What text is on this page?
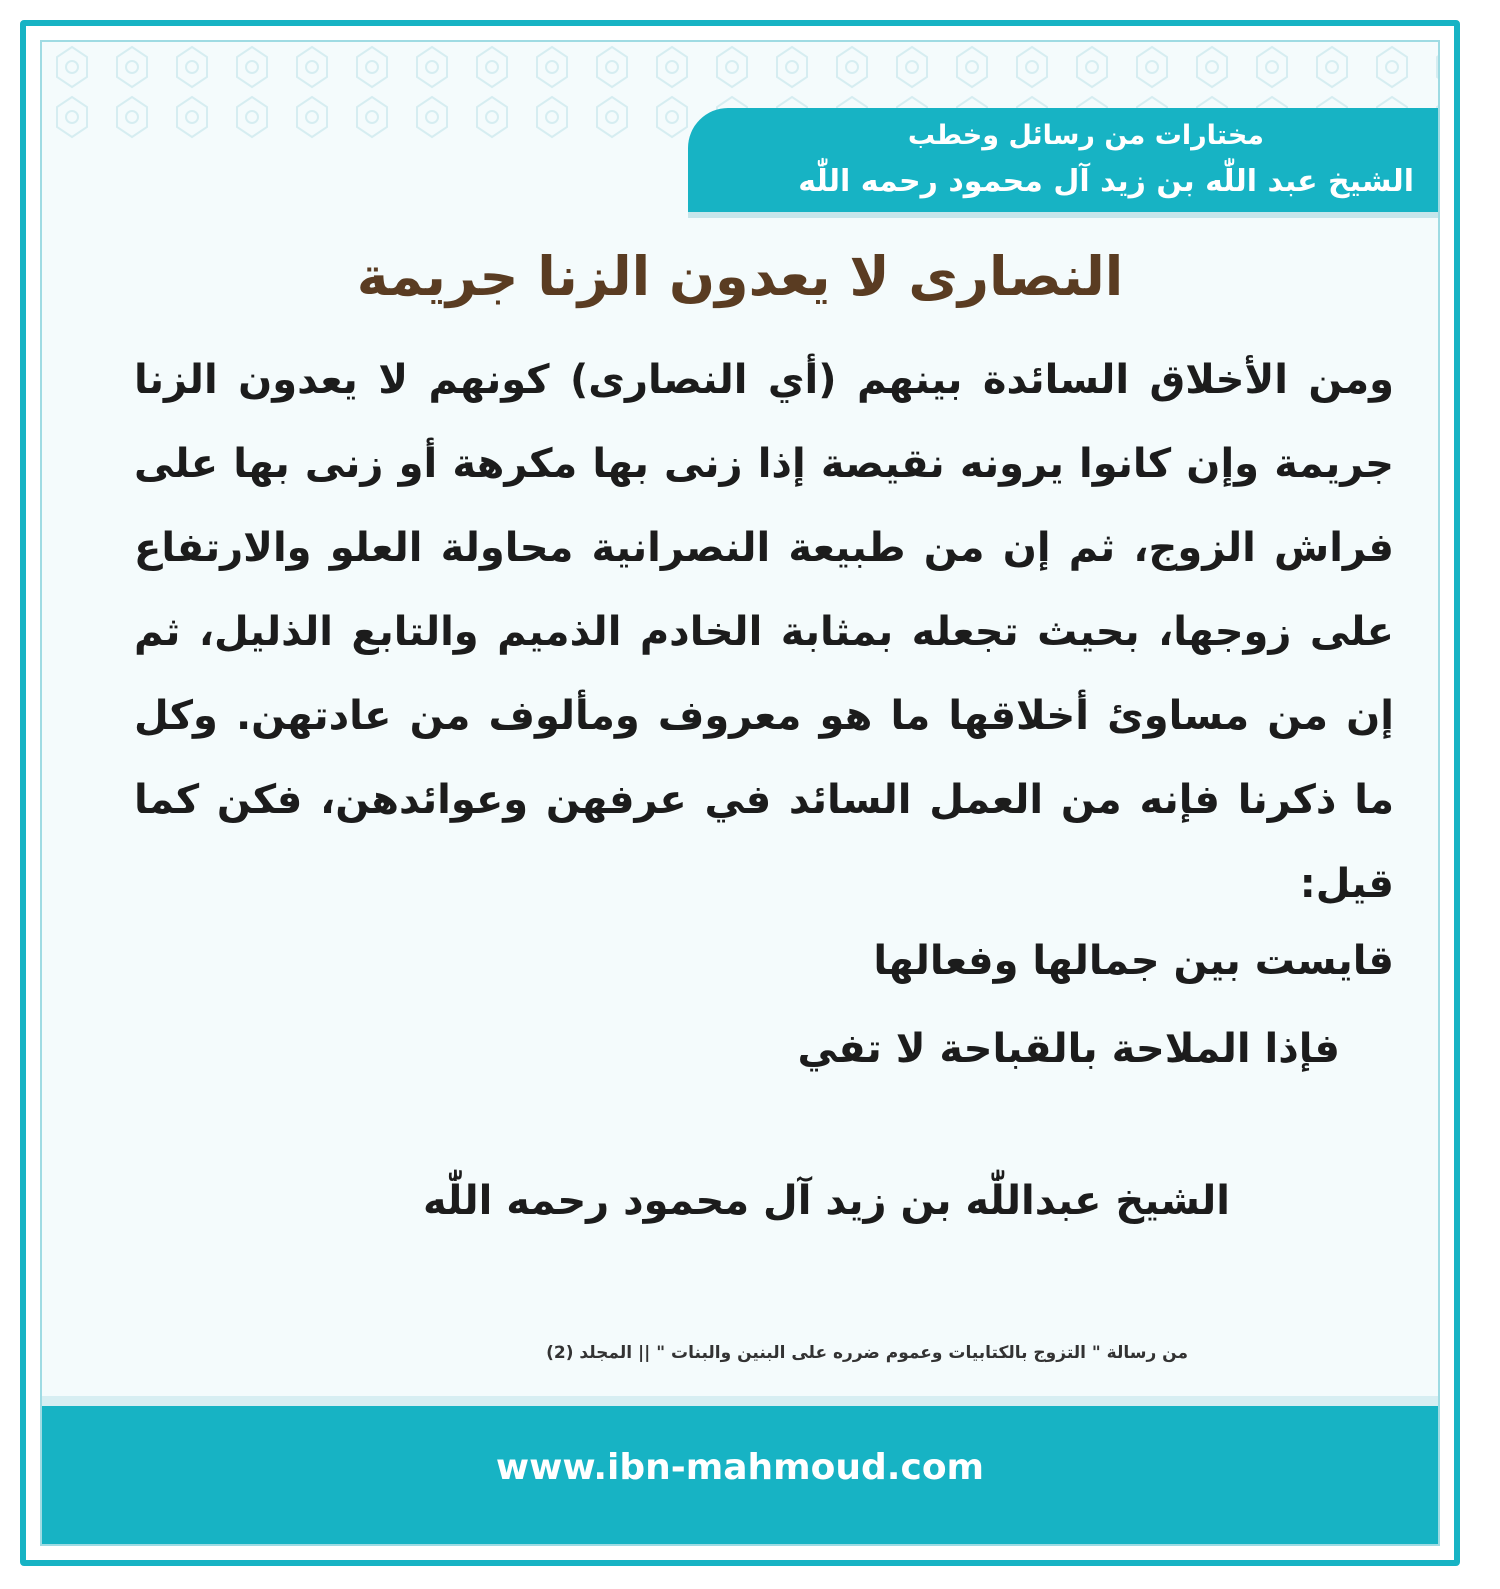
مختارات من رسائل وخطب
الشيخ عبد اللّٰه بن زيد آل محمود رحمه اللّٰه
النصارى لا يعدون الزنا جريمة
ومن الأخلاق السائدة بينهم (أي النصارى) كونهم لا يعدون الزنا جريمة وإن كانوا يرونه نقيصة إذا زنى بها مكرهة أو زنى بها على فراش الزوج، ثم إن من طبيعة النصرانية محاولة العلو والارتفاع على زوجها، بحيث تجعله بمثابة الخادم الذميم والتابع الذليل، ثم إن من مساوئ أخلاقها ما هو معروف ومألوف من عادتهن. وكل ما ذكرنا فإنه من العمل السائد في عرفهن وعوائدهن، فكن كما قيل:
قايست بين جمالها وفعالها
فإذا الملاحة بالقباحة لا تفي
الشيخ عبداللّٰه بن زيد آل محمود رحمه اللّٰه
من رسالة " التزوج بالكتابيات وعموم ضرره على البنين والبنات " || المجلد (2)
www.ibn-mahmoud.com
